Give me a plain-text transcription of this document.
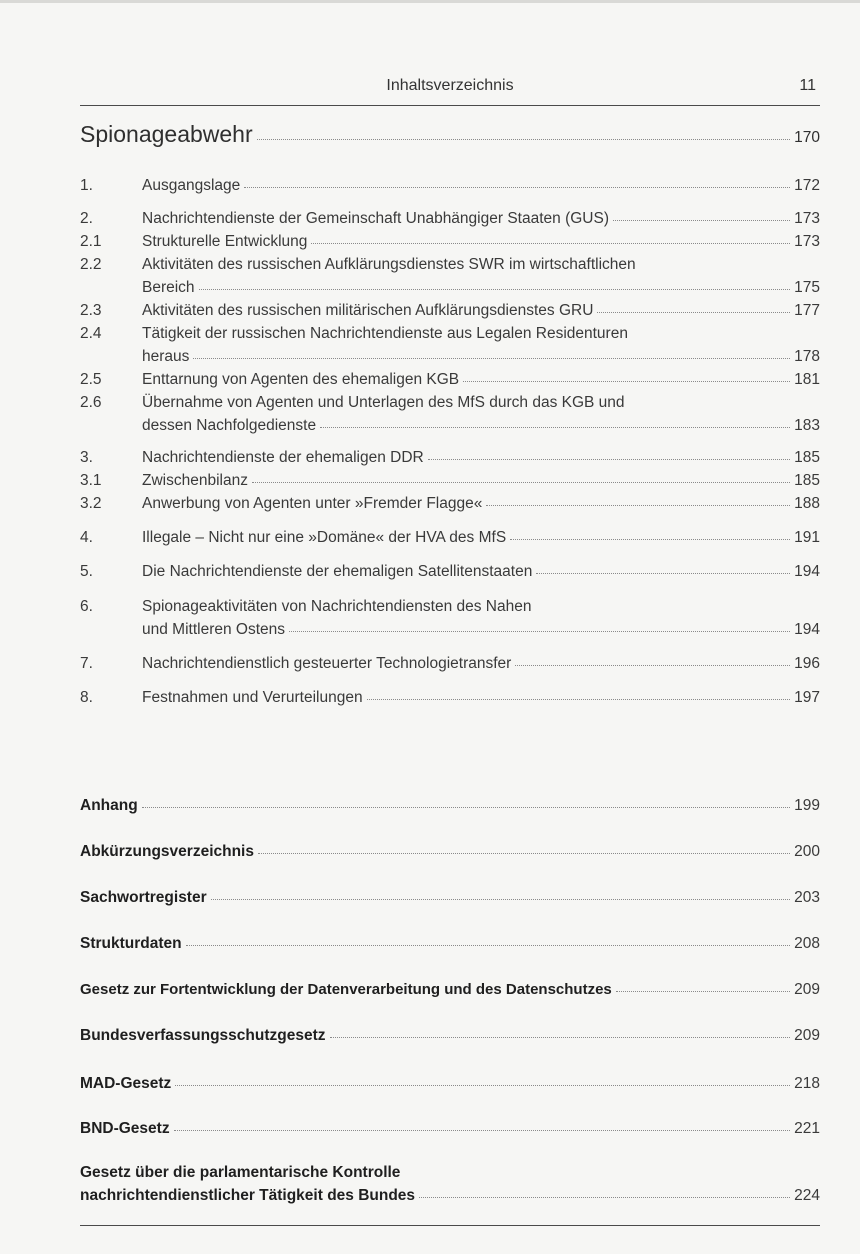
Inhaltsverzeichnis	11
Spionageabwehr	170
1.	Ausgangslage	172
2.	Nachrichtendienste der Gemeinschaft Unabhängiger Staaten (GUS)	173
2.1	Strukturelle Entwicklung	173
2.2	Aktivitäten des russischen Aufklärungsdienstes SWR im wirtschaftlichen
Bereich	175
2.3	Aktivitäten des russischen militärischen Aufklärungsdienstes GRU	177
2.4	Tätigkeit der russischen Nachrichtendienste aus Legalen Residenturen
heraus	178
2.5	Enttarnung von Agenten des ehemaligen KGB	181
2.6	Übernahme von Agenten und Unterlagen des MfS durch das KGB und
dessen Nachfolgedienste	183
3.	Nachrichtendienste der ehemaligen DDR	185
3.1	Zwischenbilanz	185
3.2	Anwerbung von Agenten unter »Fremder Flagge«	188
4.	Illegale – Nicht nur eine »Domäne« der HVA des MfS	191
5.	Die Nachrichtendienste der ehemaligen Satellitenstaaten	194
6.	Spionageaktivitäten von Nachrichtendiensten des Nahen
und Mittleren Ostens	194
7.	Nachrichtendienstlich gesteuerter Technologietransfer	196
8.	Festnahmen und Verurteilungen	197
Anhang	199
Abkürzungsverzeichnis	200
Sachwortregister	203
Strukturdaten	208
Gesetz zur Fortentwicklung der Datenverarbeitung und des Datenschutzes	209
Bundesverfassungsschutzgesetz	209
MAD-Gesetz	218
BND-Gesetz	221
Gesetz über die parlamentarische Kontrolle
nachrichtendienstlicher Tätigkeit des Bundes	224
